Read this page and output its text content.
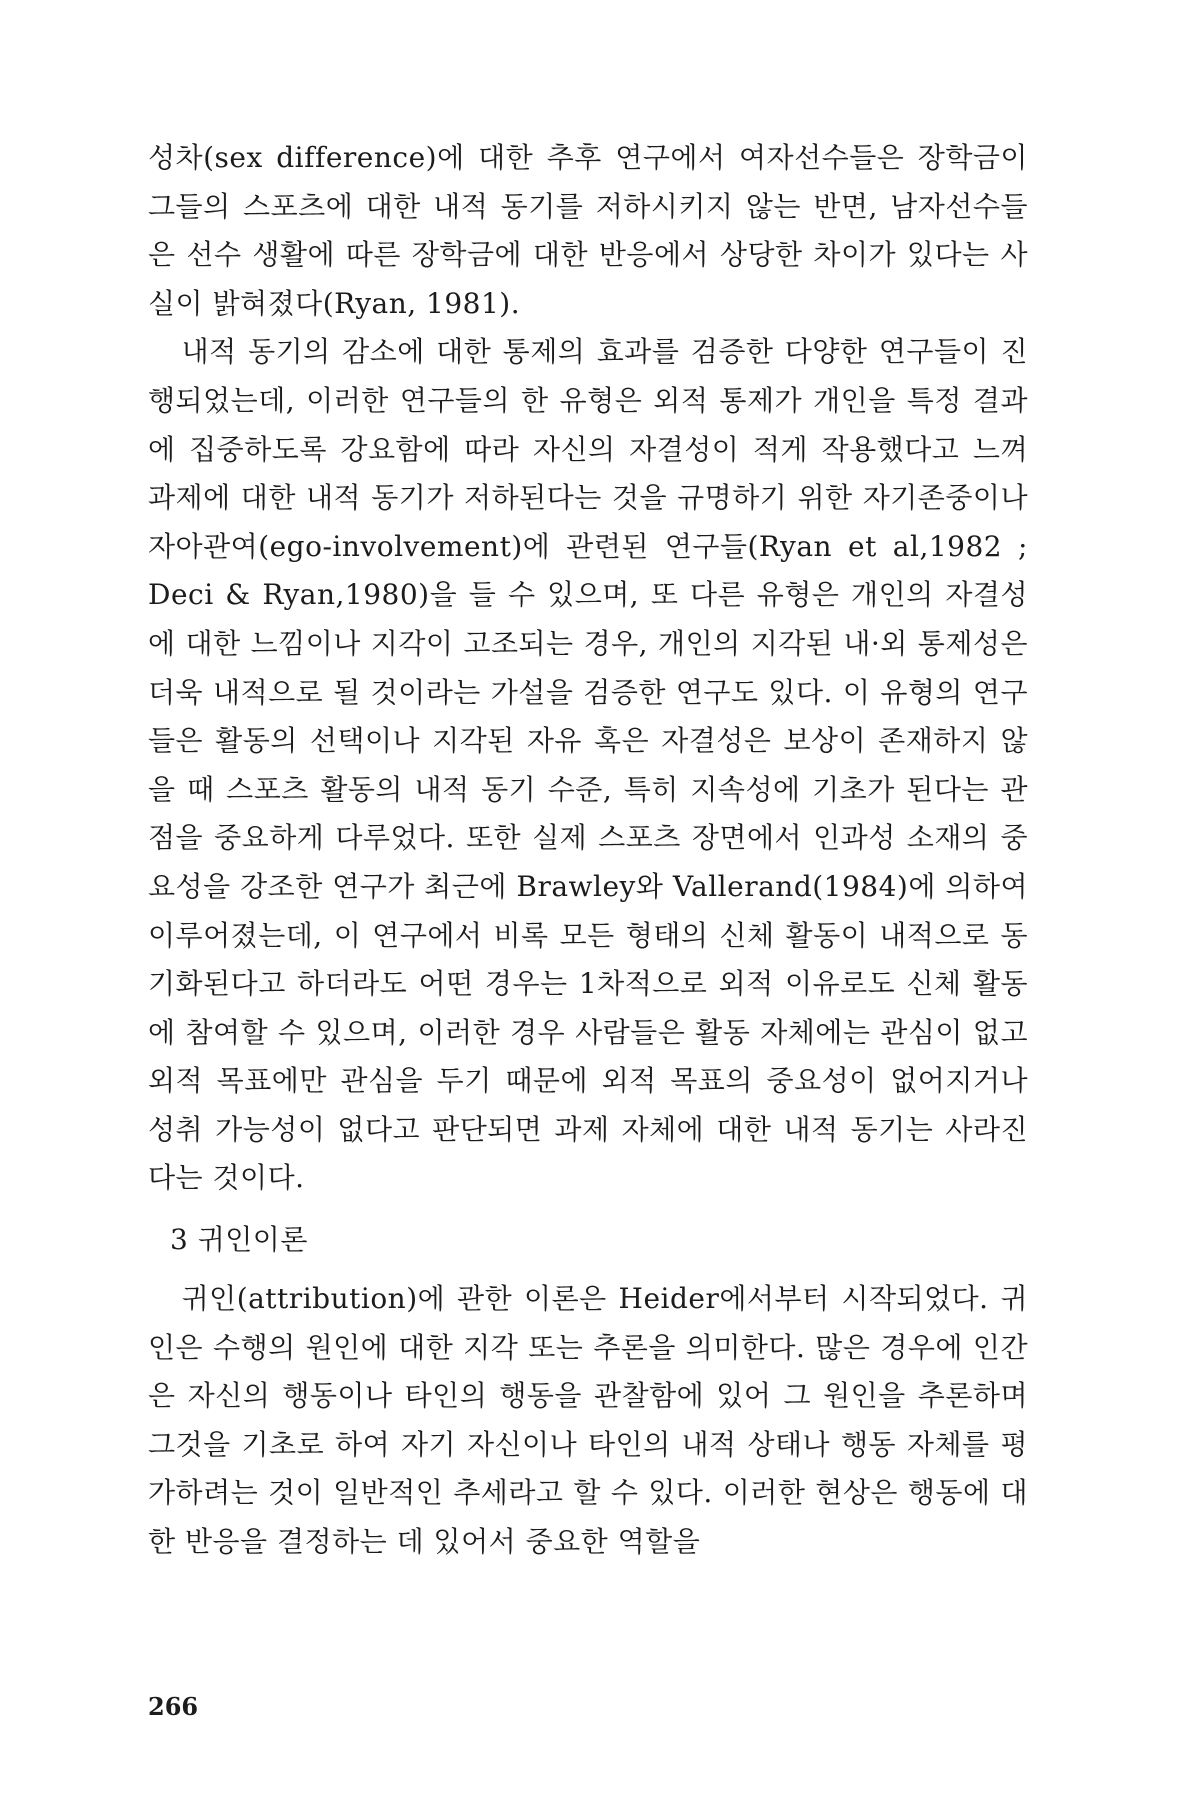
성차(sex difference)에 대한 추후 연구에서 여자선수들은 장학금이 그들의 스포츠에 대한 내적 동기를 저하시키지 않는 반면, 남자선수들은 선수 생활에 따른 장학금에 대한 반응에서 상당한 차이가 있다는 사실이 밝혀졌다(Ryan, 1981).

내적 동기의 감소에 대한 통제의 효과를 검증한 다양한 연구들이 진행되었는데, 이러한 연구들의 한 유형은 외적 통제가 개인을 특정 결과에 집중하도록 강요함에 따라 자신의 자결성이 적게 작용했다고 느껴 과제에 대한 내적 동기가 저하된다는 것을 규명하기 위한 자기존중이나 자아관여(ego-involvement)에 관련된 연구들(Ryan et al,1982 ; Deci & Ryan,1980)을 들 수 있으며, 또 다른 유형은 개인의 자결성에 대한 느낌이나 지각이 고조되는 경우, 개인의 지각된 내·외 통제성은 더욱 내적으로 될 것이라는 가설을 검증한 연구도 있다. 이 유형의 연구들은 활동의 선택이나 지각된 자유 혹은 자결성은 보상이 존재하지 않을 때 스포츠 활동의 내적 동기 수준, 특히 지속성에 기초가 된다는 관점을 중요하게 다루었다. 또한 실제 스포츠 장면에서 인과성 소재의 중요성을 강조한 연구가 최근에 Brawley와 Vallerand(1984)에 의하여 이루어졌는데, 이 연구에서 비록 모든 형태의 신체 활동이 내적으로 동기화된다고 하더라도 어떤 경우는 1차적으로 외적 이유로도 신체 활동에 참여할 수 있으며, 이러한 경우 사람들은 활동 자체에는 관심이 없고 외적 목표에만 관심을 두기 때문에 외적 목표의 중요성이 없어지거나 성취 가능성이 없다고 판단되면 과제 자체에 대한 내적 동기는 사라진다는 것이다.

3 귀인이론

귀인(attribution)에 관한 이론은 Heider에서부터 시작되었다. 귀인은 수행의 원인에 대한 지각 또는 추론을 의미한다. 많은 경우에 인간은 자신의 행동이나 타인의 행동을 관찰함에 있어 그 원인을 추론하며 그것을 기초로 하여 자기 자신이나 타인의 내적 상태나 행동 자체를 평가하려는 것이 일반적인 추세라고 할 수 있다. 이러한 현상은 행동에 대한 반응을 결정하는 데 있어서 중요한 역할을

266
